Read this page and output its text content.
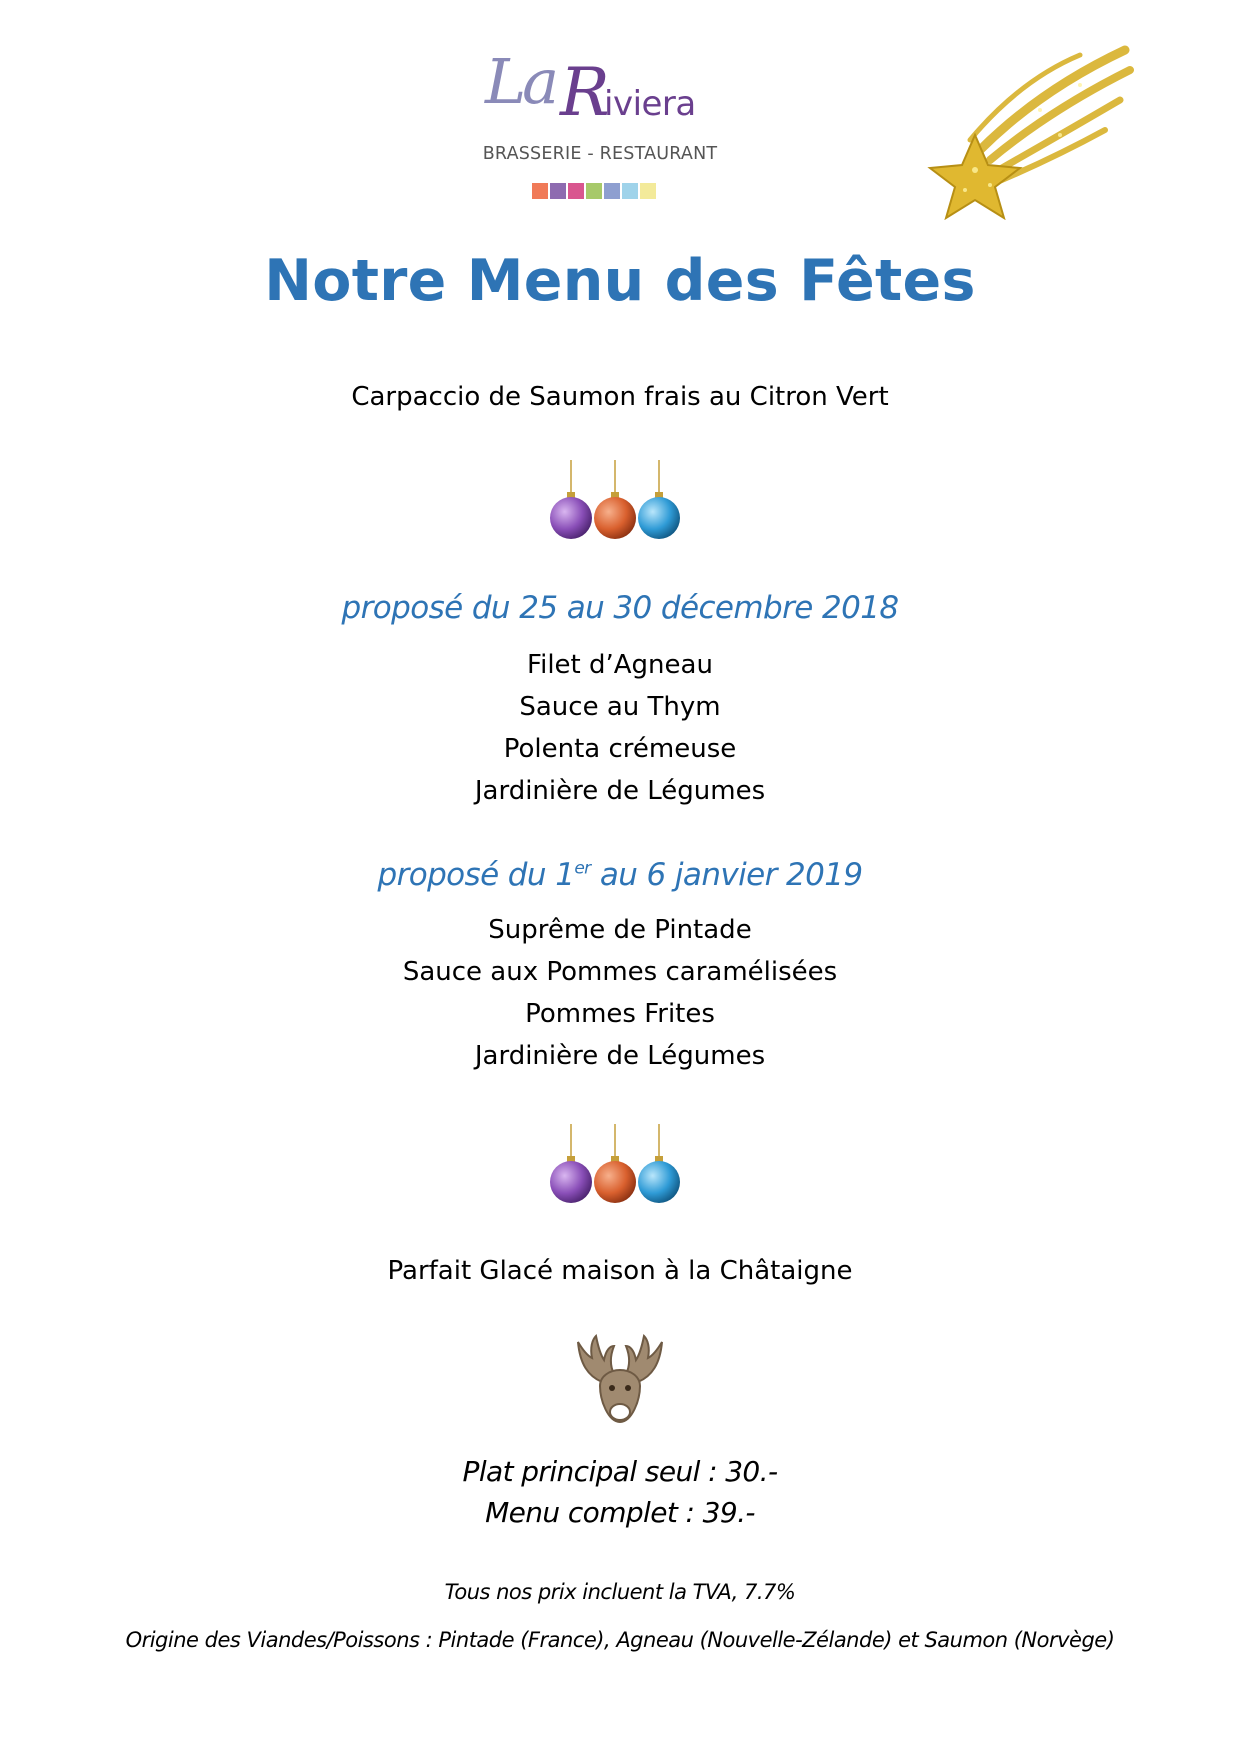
La R
iviera
BRASSERIE - RESTAURANT
Notre Menu des Fêtes
Carpaccio de Saumon frais au Citron Vert
proposé du 25 au 30 décembre 2018
Filet d’Agneau
Sauce au Thym
Polenta crémeuse
Jardinière de Légumes
proposé du 1er au 6 janvier 2019
Suprême de Pintade
Sauce aux Pommes caramélisées
Pommes Frites
Jardinière de Légumes
Parfait Glacé maison à la Châtaigne
Plat principal seul : 30.-
Menu complet : 39.-
Tous nos prix incluent la TVA, 7.7%
Origine des Viandes/Poissons : Pintade (France), Agneau (Nouvelle-Zélande) et Saumon (Norvège)
